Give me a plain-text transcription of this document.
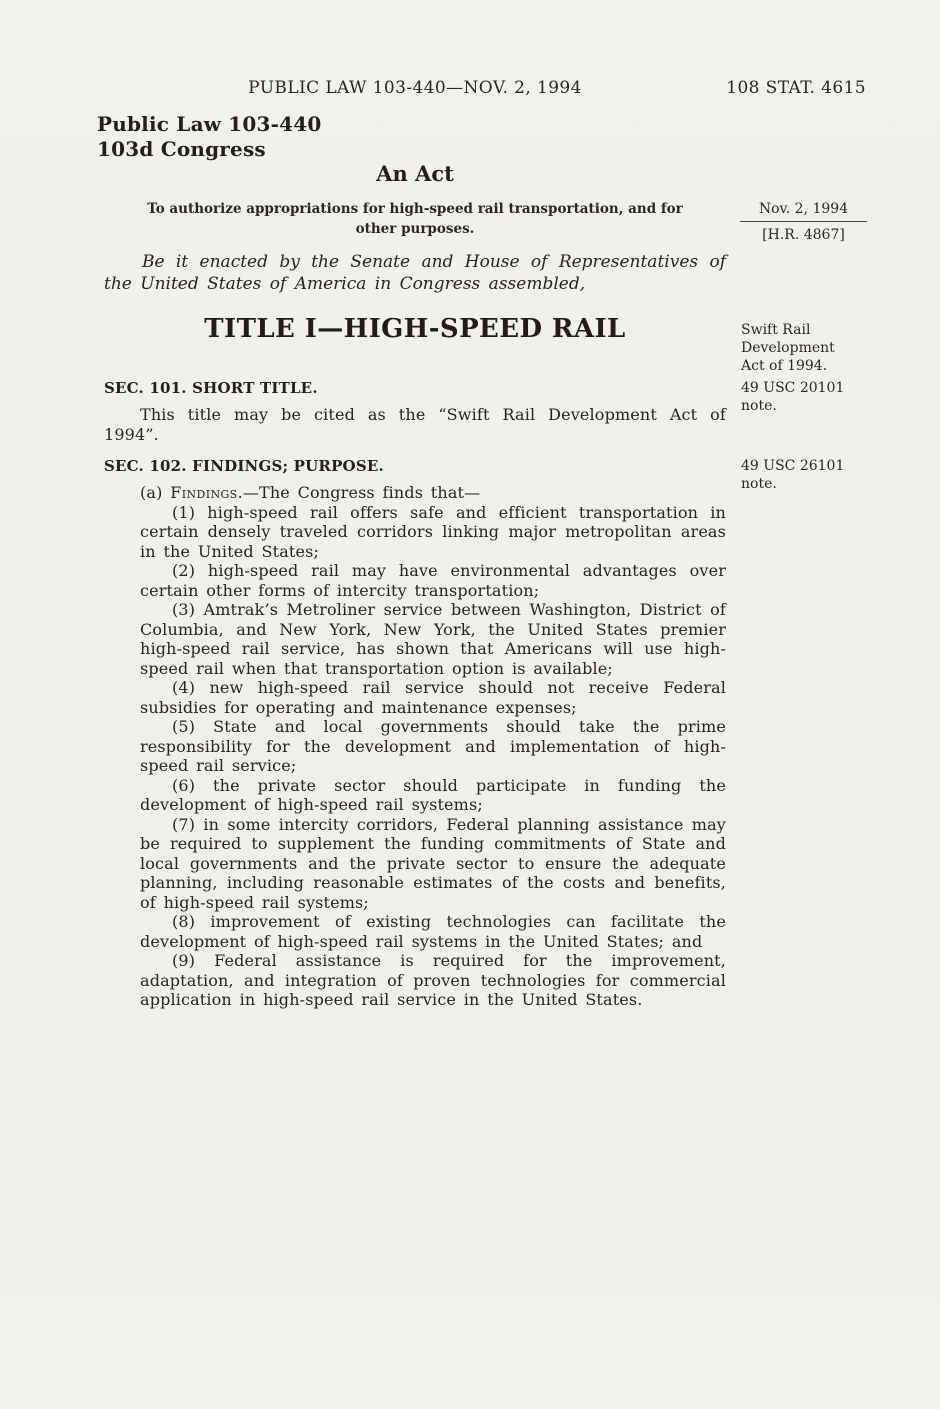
PUBLIC LAW 103-440—NOV. 2, 1994	108 STAT. 4615
Public Law 103-440
103d Congress
An Act
To authorize appropriations for high-speed rail transportation, and for other purposes.
Nov. 2, 1994
[H.R. 4867]
Be it enacted by the Senate and House of Representatives of the United States of America in Congress assembled,
TITLE I—HIGH-SPEED RAIL	Swift Rail Development Act of 1994.
49 USC 20101 note.
SEC. 101. SHORT TITLE.

This title may be cited as the “Swift Rail Development Act of 1994”.

SEC. 102. FINDINGS; PURPOSE.	49 USC 26101 note.

(a) Findings.—The Congress finds that—

(1) high-speed rail offers safe and efficient transportation in certain densely traveled corridors linking major metropolitan areas in the United States;

(2) high-speed rail may have environmental advantages over certain other forms of intercity transportation;

(3) Amtrak’s Metroliner service between Washington, District of Columbia, and New York, New York, the United States premier high-speed rail service, has shown that Americans will use high-speed rail when that transportation option is available;

(4) new high-speed rail service should not receive Federal subsidies for operating and maintenance expenses;

(5) State and local governments should take the prime responsibility for the development and implementation of high-speed rail service;

(6) the private sector should participate in funding the development of high-speed rail systems;

(7) in some intercity corridors, Federal planning assistance may be required to supplement the funding commitments of State and local governments and the private sector to ensure the adequate planning, including reasonable estimates of the costs and benefits, of high-speed rail systems;

(8) improvement of existing technologies can facilitate the development of high-speed rail systems in the United States; and

(9) Federal assistance is required for the improvement, adaptation, and integration of proven technologies for commercial application in high-speed rail service in the United States.
